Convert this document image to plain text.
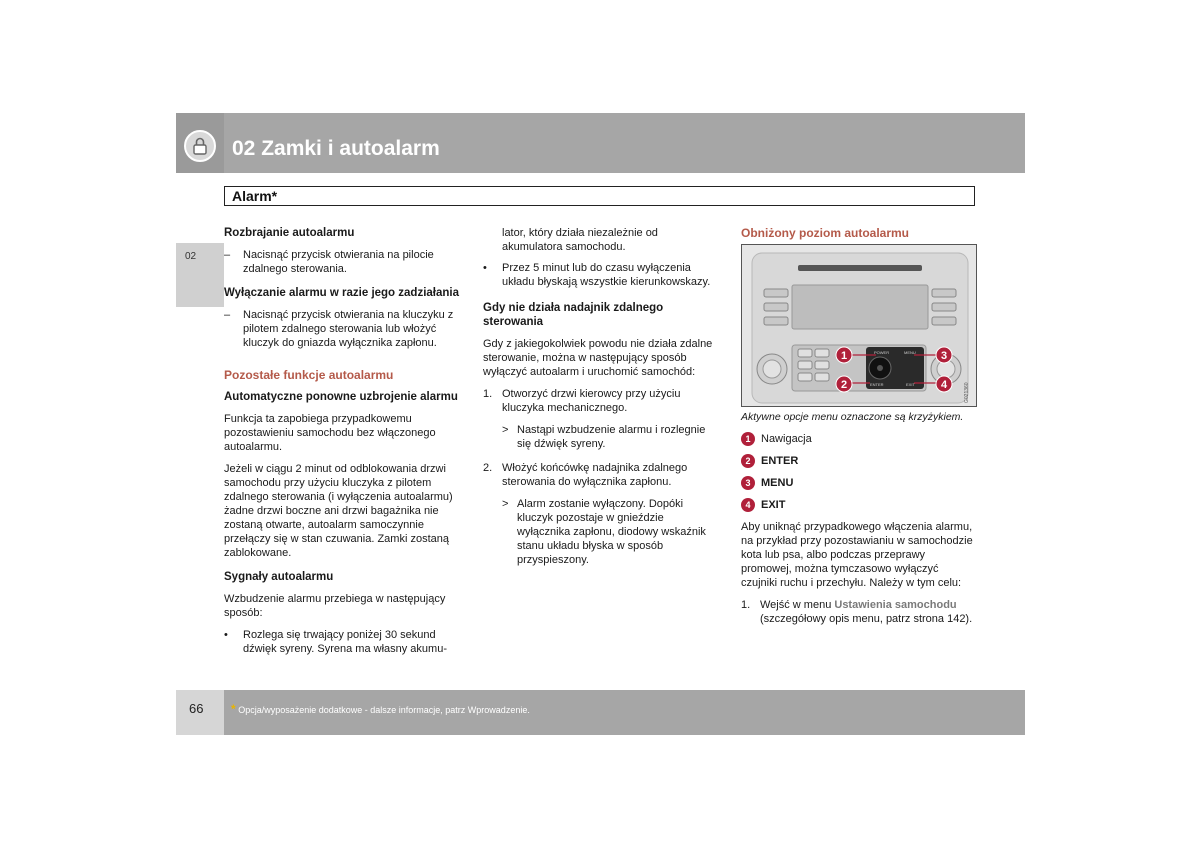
02 Zamki i autoalarm
02
Alarm*

Rozbrajanie autoalarmu

– Nacisnąć przycisk otwierania na pilocie zdalnego sterowania.

Wyłączanie alarmu w razie jego zadziałania

– Nacisnąć przycisk otwierania na kluczyku z pilotem zdalnego sterowania lub włożyć kluczyk do gniazda wyłącznika zapłonu.

Pozostałe funkcje autoalarmu

Automatyczne ponowne uzbrojenie alarmu

Funkcja ta zapobiega przypadkowemu pozostawieniu samochodu bez włączonego autoalarmu.

Jeżeli w ciągu 2 minut od odblokowania drzwi samochodu przy użyciu kluczyka z pilotem zdalnego sterowania (i wyłączenia autoalarmu) żadne drzwi boczne ani drzwi bagażnika nie zostaną otwarte, autoalarm samoczynnie przełączy się w stan czuwania. Zamki zostaną zablokowane.

Sygnały autoalarmu

Wzbudzenie alarmu przebiega w następujący sposób:

• Rozlega się trwający poniżej 30 sekund dźwięk syreny. Syrena ma własny akumu-
lator, który działa niezależnie od akumulatora samochodu.
• Przez 5 minut lub do czasu wyłączenia układu błyskają wszystkie kierunkowskazy.

Gdy nie działa nadajnik zdalnego sterowania

Gdy z jakiegokolwiek powodu nie działa zdalne sterowanie, można w następujący sposób wyłączyć autoalarm i uruchomić samochód:

1. Otworzyć drzwi kierowcy przy użyciu kluczyka mechanicznego.
> Nastąpi wzbudzenie alarmu i rozlegnie się dźwięk syreny.
2. Włożyć końcówkę nadajnika zdalnego sterowania do wyłącznika zapłonu.
> Alarm zostanie wyłączony. Dopóki kluczyk pozostaje w gnieździe wyłącznika zapłonu, diodowy wskaźnik stanu układu błyska w sposób przyspieszony.

Obniżony poziom autoalarmu

POWER
ENTER
MENU
EXIT
1
2
3
4	G021360

Aktywne opcje menu oznaczone są krzyżykiem.

1 Nawigacja
2 ENTER
3 MENU
4 EXIT

Aby uniknąć przypadkowego włączenia alarmu, na przykład przy pozostawianiu w samochodzie kota lub psa, albo podczas przeprawy promowej, można tymczasowo wyłączyć czujniki ruchu i przechyłu. Należy w tym celu:

1. Wejść w menu Ustawienia samochodu (szczegółowy opis menu, patrz strona 142).
66 * Opcja/wyposażenie dodatkowe - dalsze informacje, patrz Wprowadzenie.
